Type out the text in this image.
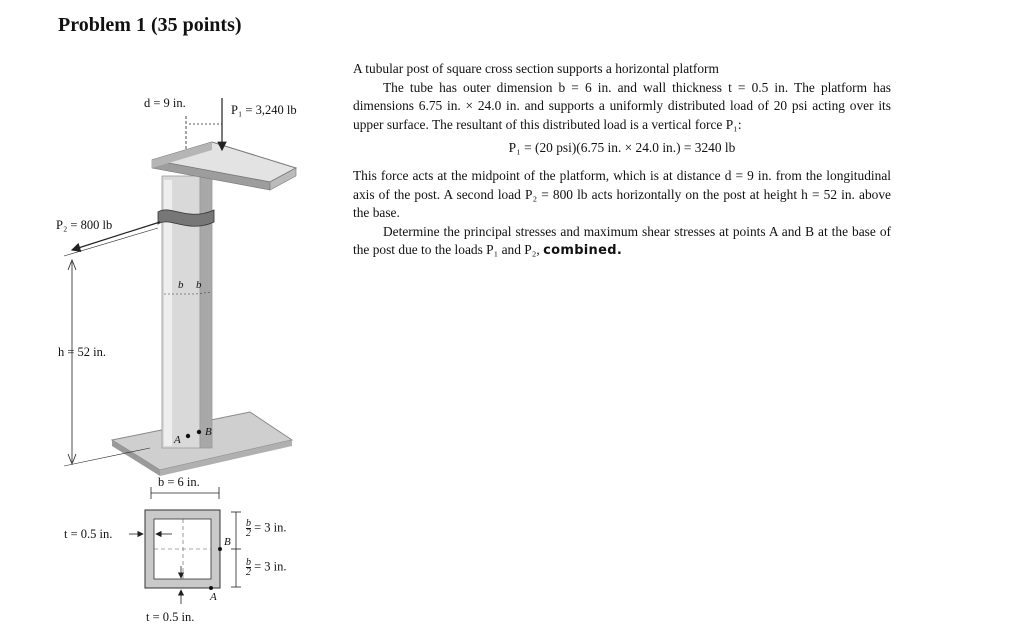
Problem 1 (35 points)
d = 9 in.	P₁ = 3,240 lb
P₂ = 800 lb
h = 52 in.
b b
A
B
b = 6 in.
t = 0.5 in.
t = 0.5 in.
A
B
$\frac{b}{2} = 3$ in.
$\frac{b}{2} = 3$ in.

A tubular post of square cross section supports a horizontal platform

The tube has outer dimension b = 6 in. and wall thickness t = 0.5 in. The platform has dimensions 6.75 in. × 24.0 in. and supports a uniformly distributed load of 20 psi acting over its upper surface. The resultant of this distributed load is a vertical force P₁:

P₁ = (20 psi)(6.75 in. × 24.0 in.) = 3240 lb

This force acts at the midpoint of the platform, which is at distance d = 9 in. from the longitudinal axis of the post. A second load P₂ = 800 lb acts horizontally on the post at height h = 52 in. above the base.

Determine the principal stresses and maximum shear stresses at points A and B at the base of the post due to the loads P₁ and P₂, combined.
